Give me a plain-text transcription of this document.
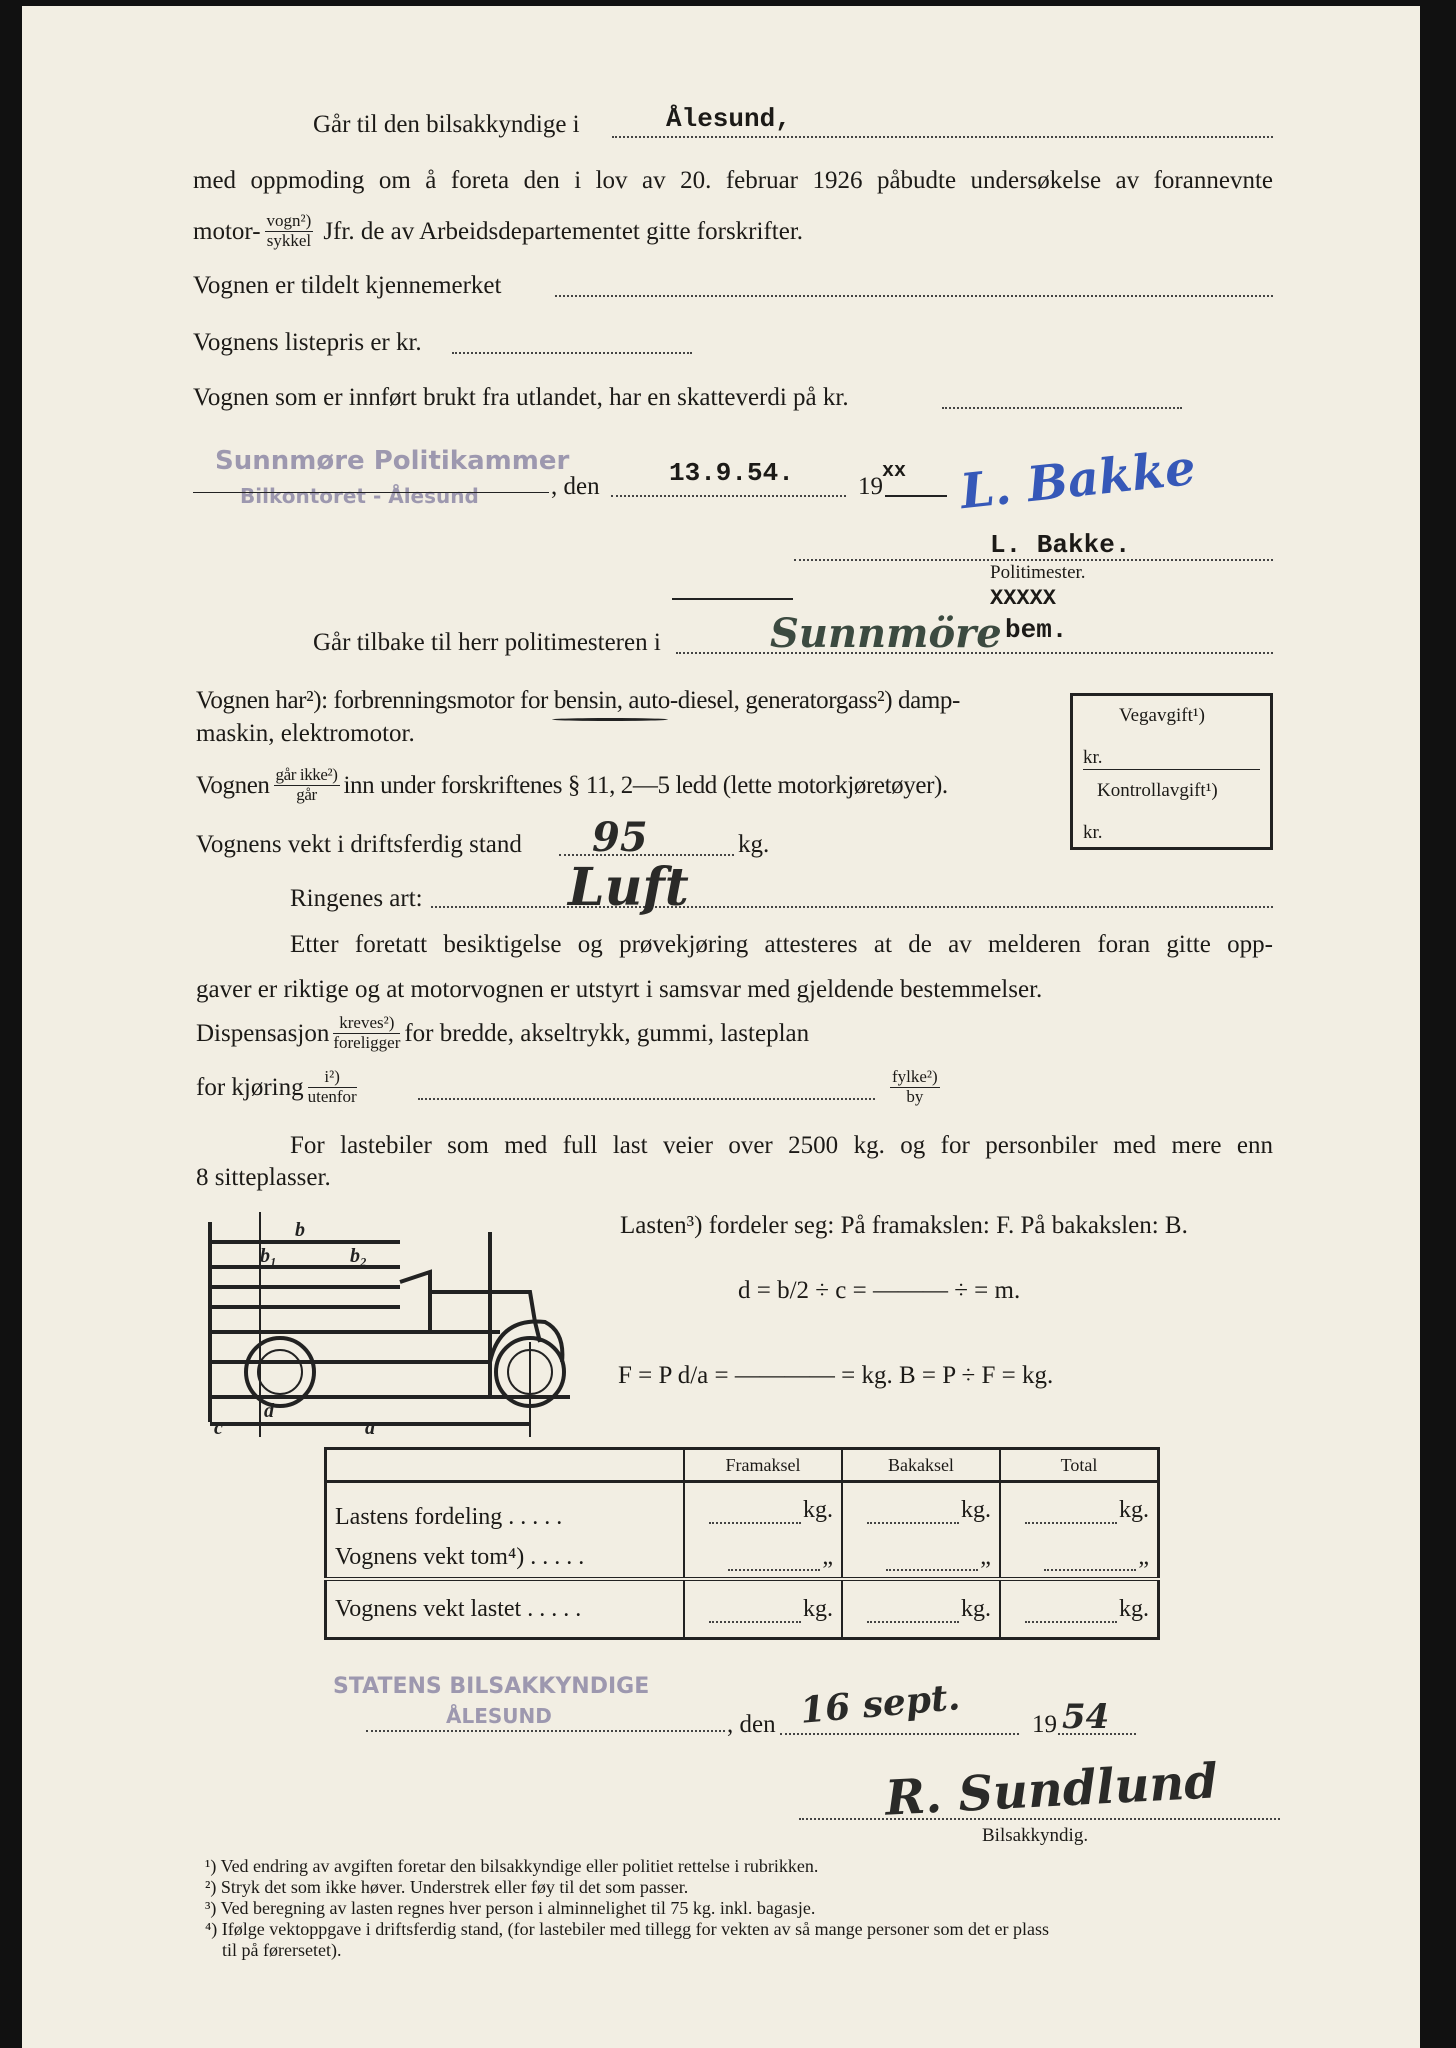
Går til den bilsakkyndige i	Ålesund,
med oppmoding om å foreta den i lov av 20. februar 1926 påbudte undersøkelse av forannevnte
motor- $\frac{\text{vogn²)}}{\text{sykkel}}$ Jfr. de av Arbeidsdepartementet gitte forskrifter.
Vognen er tildelt kjennemerket
Vognens listepris er kr.
Vognen som er innført brukt fra utlandet, har en skatteverdi på kr.
Sunnmøre Politikammer
Bilkontoret - Ålesund	, den	13.9.54.	19
xx L. Bakke
L. Bakke.
Politimester.
XXXXX
bem.
Går tilbake til herr politimesteren i	Sunnmöre
Vognen har²): forbrenningsmotor for bensin, auto-diesel, generatorgass²) damp-
maskin, elektromotor.
Vognen $\frac{\text{går ikke²)}}{\text{går}}$ inn under forskriftenes § 11, 2—5 ledd (lette motorkjøretøyer).
Vognens vekt i driftsferdig stand 95	kg.
Ringenes art:	Luft
Vegavgift¹)
kr.
Kontrollavgift¹)
kr.
Etter foretatt besiktigelse og prøvekjøring attesteres at de av melderen foran gitte opp-
gaver er riktige og at motorvognen er utstyrt i samsvar med gjeldende bestemmelser.
Dispensasjon $\frac{\text{kreves²)}}{\text{foreligger}}$ for bredde, akseltrykk, gummi, lasteplan
for kjøring $\frac{\text{i²)}}{\text{utenfor}}$	fylke²)
by
For lastebiler som med full last veier over 2500 kg. og for personbiler med mere enn
8 sitteplasser.
b
b₁	b₂
d
c	a
Lasten³) fordeler seg: På framakslen: F. På bakakslen: B.
d = b/2 ÷ c = ——— ÷ = m.
F = P d/a = ———— = kg. B = P ÷ F = kg.
	Framaksel	Bakaksel	Total
Lastens fordeling . . . . .	kg.	kg.	kg.

Vognens vekt tom⁴) . . . . .	„	„	„

Vognens vekt lastet . . . . .	kg.	kg.	kg.
STATENS BILSAKKYNDIGE
ÅLESUND	, den 16 sept.	19 54
R. Sundlund
Bilsakkyndig.
¹) Ved endring av avgiften foretar den bilsakkyndige eller politiet rettelse i rubrikken.
²) Stryk det som ikke høver. Understrek eller føy til det som passer.
³) Ved beregning av lasten regnes hver person i alminnelighet til 75 kg. inkl. bagasje.
⁴) Ifølge vektoppgave i driftsferdig stand, (for lastebiler med tillegg for vekten av så mange personer som det er plass
til på førersetet).
